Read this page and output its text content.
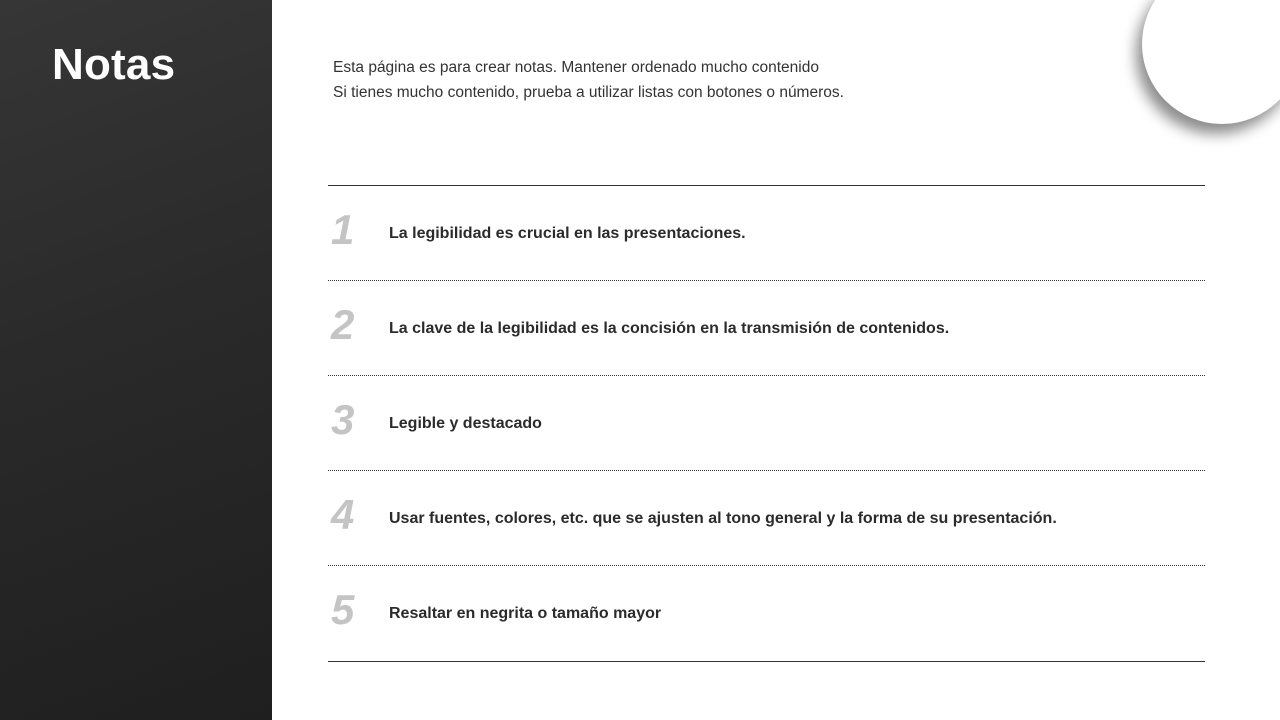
Notas	Esta página es para crear notas. Mantener ordenado mucho contenido

Si tienes mucho contenido, prueba a utilizar listas con botones o números.

1 La legibilidad es crucial en las presentaciones.
2 La clave de la legibilidad es la concisión en la transmisión de contenidos.
3 Legible y destacado
4 Usar fuentes, colores, etc. que se ajusten al tono general y la forma de su presentación.
5 Resaltar en negrita o tamaño mayor
